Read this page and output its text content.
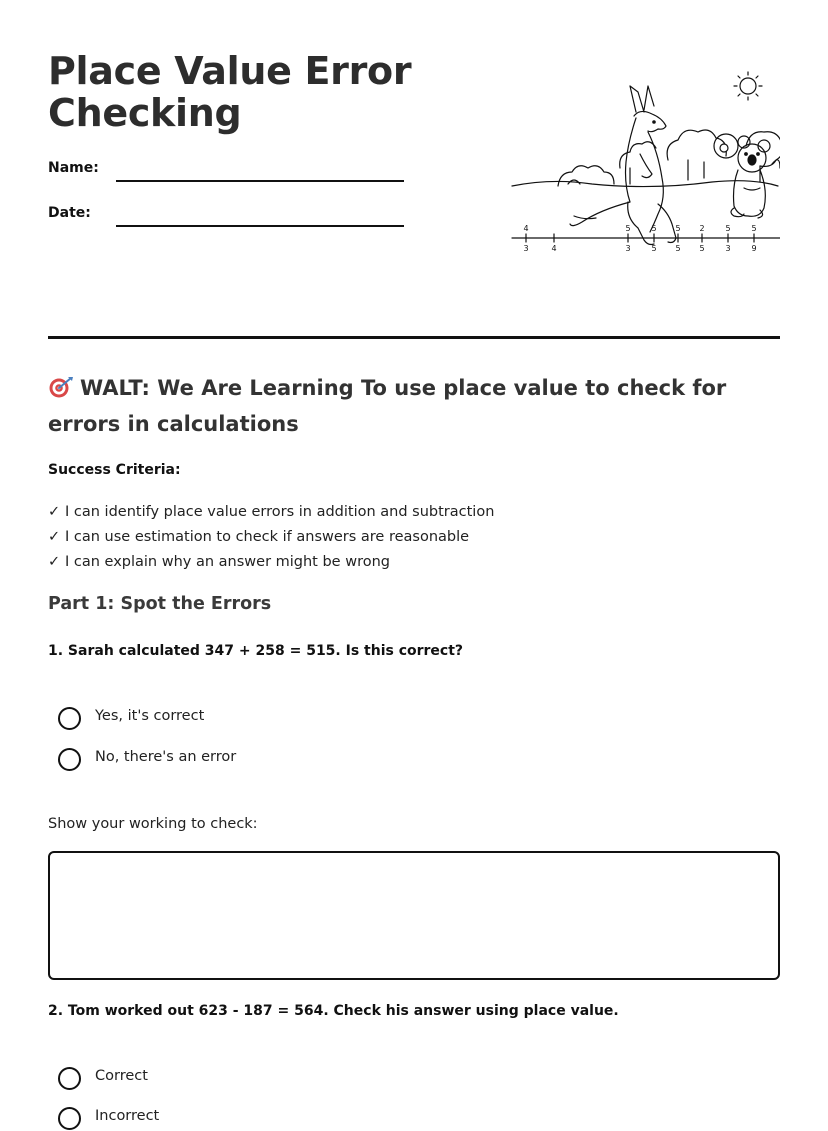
Place Value Error Checking
Name:
Date:
4
3	4
5
3
5
5
5
5
2
5
5
3
5
9
WALT: We Are Learning To use place value to check for errors in calculations
Success Criteria:
✓ I can identify place value errors in addition and subtraction
✓ I can use estimation to check if answers are reasonable
✓ I can explain why an answer might be wrong
Part 1: Spot the Errors

1. Sarah calculated 347 + 258 = 515. Is this correct?

Yes, it's correct
No, there's an error
Show your working to check:

2. Tom worked out 623 - 187 = 564. Check his answer using place value.

Correct
Incorrect
